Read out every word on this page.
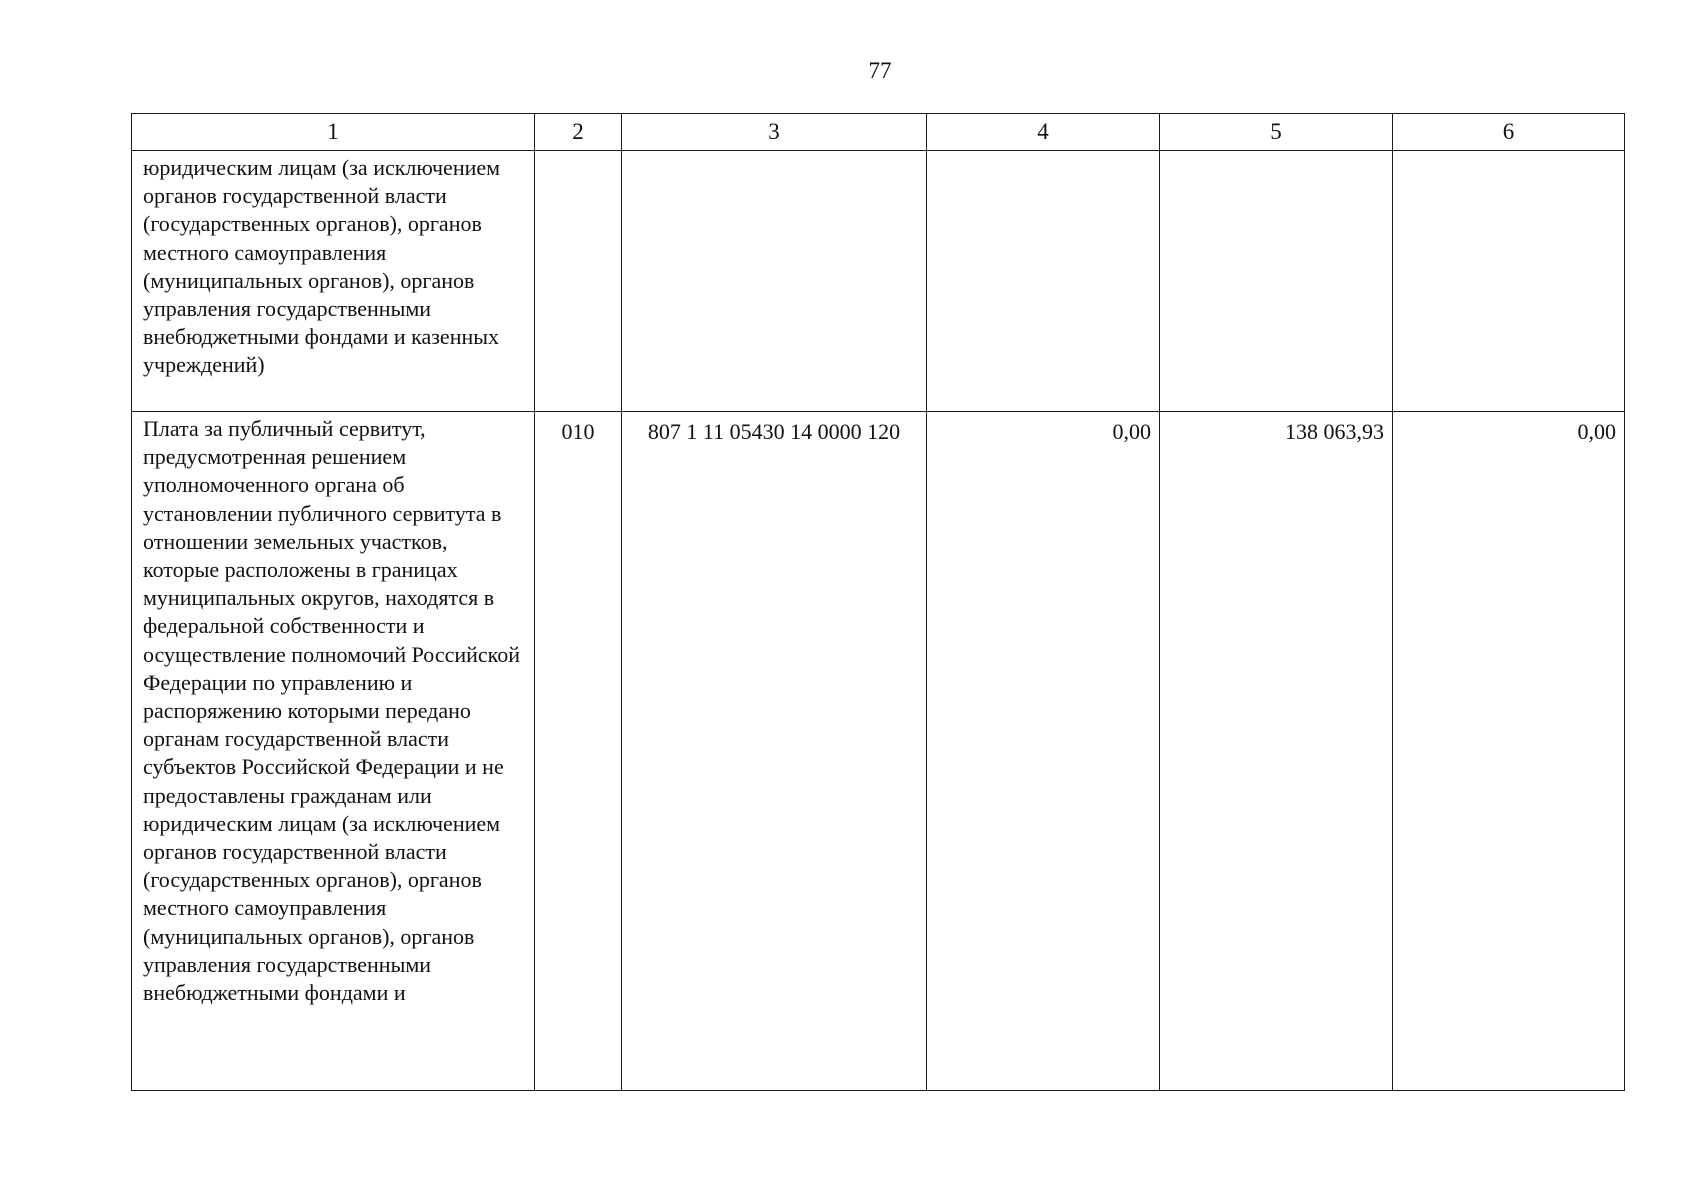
77
1	2	3	4	5	6
юридическим лицам (за исключением органов государственной власти (государственных органов), органов местного самоуправления (муниципальных органов), органов управления государственными внебюджетными фондами и казенных учреждений)					
Плата за публичный сервитут, предусмотренная решением уполномоченного органа об установлении публичного сервитута в отношении земельных участков, которые расположены в границах муниципальных округов, находятся в федеральной собственности и осуществление полномочий Российской Федерации по управлению и распоряжению которыми передано органам государственной власти субъектов Российской Федерации и не предоставлены гражданам или юридическим лицам (за исключением органов государственной власти (государственных органов), органов местного самоуправления (муниципальных органов), органов управления государственными внебюджетными фондами и	010	807 1 11 05430 14 0000 120	0,00	138 063,93	0,00
